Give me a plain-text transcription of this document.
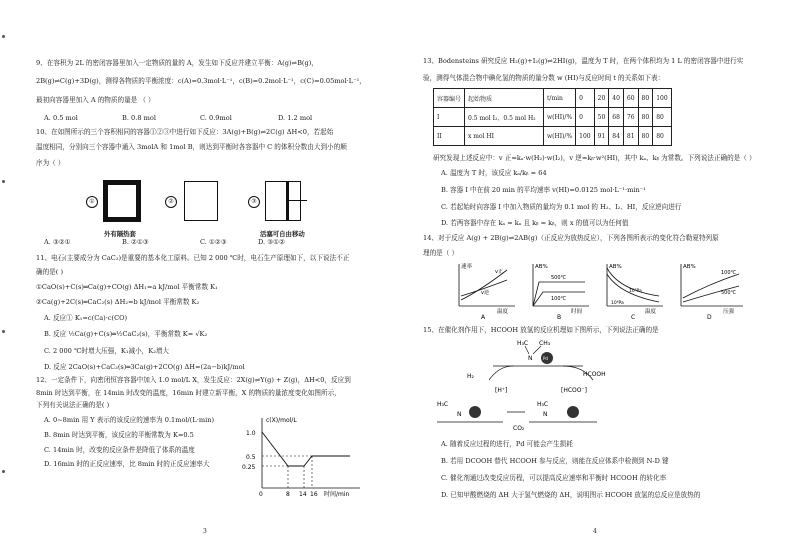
9、在容积为 2L 的密闭容器里加入一定物质的量的 A，发生如下反应并建立平衡：A(g)⇌B(g)，
2B(g)⇌C(g)+3D(g)，测得各物质的平衡浓度：c(A)=0.3mol·L⁻¹，c(B)=0.2mol·L⁻¹，c(C)=0.05mol·L⁻¹，
最初向容器里加入 A 的物质的量是 （ ）
A. 0.5 mol	B. 0.8 mol	C. 0.9mol	D. 1.2 mol
10、在如图所示的三个容积相同的容器①②③中进行如下反应：3A(g)+B(g)⇌2C(g) ΔH<0，若起始
温度相同，分别向三个容器中通入 3molA 和 1mol B，则达到平衡时各容器中 C 的体积分数由大到小的顺
序为（ ）
①
外有隔热套
②	③
活塞可自由移动
A. ③②①	B. ②①③	C. ①②③	D. ③①②
11、电石(主要成分为 CaC₂)是重要的基本化工原料。已知 2 000 ℃时，电石生产原理如下，以下说法不正
确的是( )
①CaO(s)+C(s)═Ca(g)+CO(g) ΔH₁=a kJ/mol 平衡常数 K₁
②Ca(g)+2C(s)═CaC₂(s) ΔH₂=b kJ/mol 平衡常数 K₂
A. 反应① K₁=c(Ca)·c(CO)
B. 反应 ½Ca(g)+C(s)═½CaC₂(s)，平衡常数 K= √K₂
C. 2 000 ℃时增大压强，K₁减小，K₂增大
D. 反应 2CaO(s)+CaC₂(s)═3Ca(g)+2CO(g) ΔH=(2a−b)kJ/mol
12、一定条件下，向密闭恒容容器中加入 1.0 mol/L X，发生反应：2X(g)⇌Y(g) + Z(g)，ΔH<0，反应到
8min 时达到平衡，在 14min 时改变的温度，16min 时建立新平衡，X 的物质的量浓度变化如图所示，
下列有关说法正确的是( )
A. 0~8min 用 Y 表示的该反应的速率为 0.1mol/(L·min)
B. 8min 时达到平衡，该反应的平衡常数为 K=0.5
C. 14min 时，改变的反应条件是降低了体系的温度
D. 16min 时的正反应速率，比 8min 时的正反应速率大
c(X)/mol/L
1.0
0.5
0.25
0	8 14 16 时间/min
3
13、Bodensteins 研究反应 H₂(g)+I₂(g)⇌2HI(g)，温度为 T 时，在两个体积均为 1 L 的密闭容器中进行实
验，测得气体混合物中碘化氢的物质的量分数 w (HI)与反应时间 t 的关系如下表：
容器编号	起始物质	t/min	0	20	40	60	80	100
I	0.5 mol I₂、0.5 mol H₂	w(HI)/%	0	50	68	76	80	80
II	x mol HI	w(HI)/%	100	91	84	81	80	80
研究发现上述反应中：v 正=kₐ·w(H₂)·w(I₂)，v 逆=kᵦ·w²(HI)，其中 kₐ、kᵦ 为常数。下列说法正确的是（ ）
A. 温度为 T 时，该反应 kₐ/kᵦ = 64
B. 容器 I 中在前 20 min 的平均速率 v(HI)=0.0125 mol·L⁻¹·min⁻¹
C. 若起始时向容器 I 中加入物质的量均为 0.1 mol 的 H₂、I₂、HI，反应逆向进行
D. 若两容器中存在 kₐ = kₐ 且 kᵦ = kᵦ，则 x 的值可以为任何值
14、对于反应 A(g) + 2B(g)⇌2AB(g)（正反应为放热反应），下列各图所表示的变化符合勒夏特列原
理的是（ ）
速率
v正
v逆
温度
A
AB%
500℃
100℃
时间
B
AB%
10⁶Pa
10⁵Pa
温度
C
AB%
100℃
500℃
压强
D
15、在催化剂作用下，HCOOH 放氢的反应机理如下图所示，下列说法正确的是
H₃C CH₃
N	Pd
H₂	HCOOH
[H⁺]	[HCOO⁻]
H₃C
N
H₃C
N
CO₂
A. 随着反应过程的进行，Pd 可能会产生损耗
B. 若用 DCOOH 替代 HCOOH 参与反应，则能在反应体系中检测到 N-D 键
C. 催化剂通过改变反应历程，可以提高反应速率和平衡时 HCOOH 的转化率
D. 已知甲酸燃烧的 ΔH 大于氢气燃烧的 ΔH，说明图示 HCOOH 放氢的总反应是放热的
4
